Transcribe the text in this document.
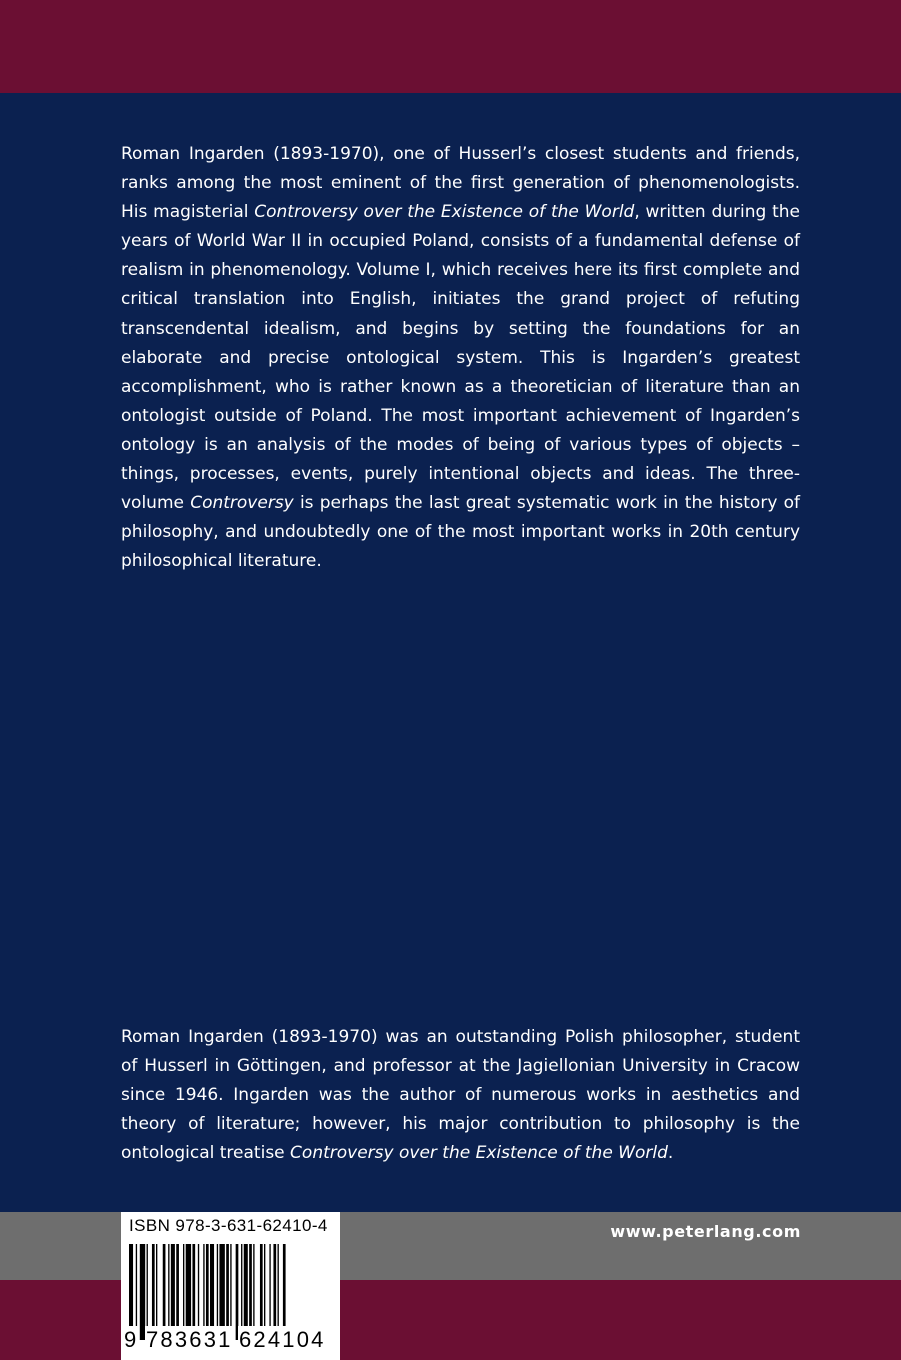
Roman Ingarden (1893-1970), one of Husserl’s closest students and friends, ranks among the most eminent of the first generation of phenomenologists. His magisterial Controversy over the Existence of the World, written during the years of World War II in occupied Poland, consists of a fundamental defense of realism in phenomenology. Volume I, which receives here its first complete and critical translation into English, initiates the grand project of refuting transcendental idealism, and begins by setting the foundations for an elaborate and precise ontological system. This is Ingarden’s greatest accomplishment, who is rather known as a theoretician of literature than an ontologist outside of Poland. The most important achievement of Ingarden’s ontology is an analysis of the modes of being of various types of objects – things, processes, events, purely intentional objects and ideas. The three-volume Controversy is perhaps the last great systematic work in the history of philosophy, and undoubtedly one of the most important works in 20th century philosophical literature.

Roman Ingarden (1893-1970) was an outstanding Polish philosopher, student of Husserl in Göttingen, and professor at the Jagiellonian University in Cracow since 1946. Ingarden was the author of numerous works in aesthetics and theory of literature; however, his major contribution to philosophy is the ontological treatise Controversy over the Existence of the World.

www.peterlang.com
ISBN 978-3-631-62410-4
9 783631 624104
